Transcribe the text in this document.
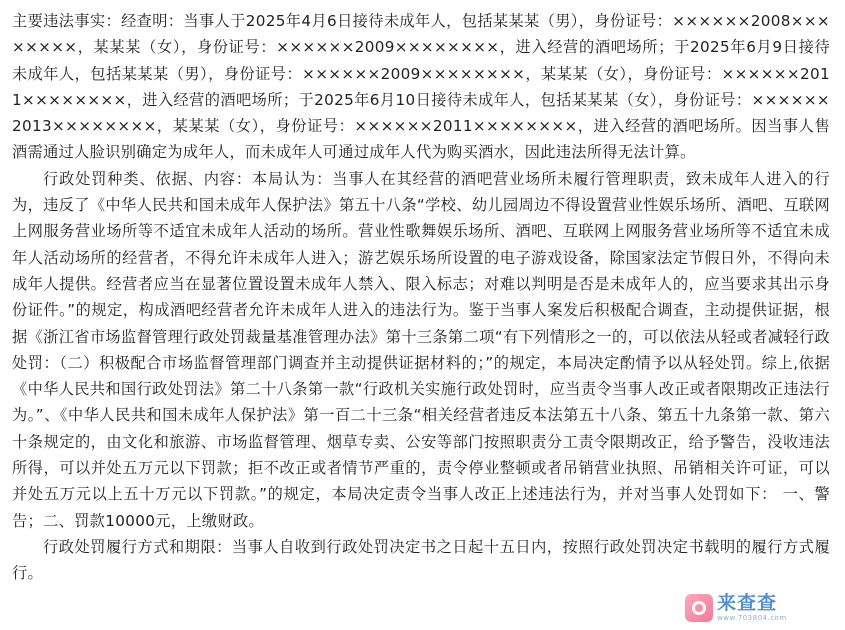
主要违法事实：经查明：当事人于2025年4月6日接待未成年人，包括某某某（男），身份证号：××××××2008××××××××，某某某（女），身份证号：××××××2009××××××××，进入经营的酒吧场所；于2025年6月9日接待未成年人，包括某某某（男），身份证号：××××××2009××××××××，某某某（女），身份证号：××××××2011××××××××，进入经营的酒吧场所；于2025年6月10日接待未成年人，包括某某某（女），身份证号：××××××2013××××××××，某某某（女），身份证号：××××××2011××××××××，进入经营的酒吧场所。因当事人售酒需通过人脸识别确定为成年人，而未成年人可通过成年人代为购买酒水，因此违法所得无法计算。

行政处罚种类、依据、内容：本局认为：当事人在其经营的酒吧营业场所未履行管理职责，致未成年人进入的行为，违反了《中华人民共和国未成年人保护法》第五十八条“学校、幼儿园周边不得设置营业性娱乐场所、酒吧、互联网上网服务营业场所等不适宜未成年人活动的场所。营业性歌舞娱乐场所、酒吧、互联网上网服务营业场所等不适宜未成年人活动场所的经营者，不得允许未成年人进入；游艺娱乐场所设置的电子游戏设备，除国家法定节假日外，不得向未成年人提供。经营者应当在显著位置设置未成年人禁入、限入标志；对难以判明是否是未成年人的，应当要求其出示身份证件。”的规定，构成酒吧经营者允许未成年人进入的违法行为。鉴于当事人案发后积极配合调查，主动提供证据，根据《浙江省市场监督管理行政处罚裁量基准管理办法》第十三条第二项“有下列情形之一的，可以依法从轻或者减轻行政处罚：（二）积极配合市场监督管理部门调查并主动提供证据材料的；”的规定，本局决定酌情予以从轻处罚。综上,依据《中华人民共和国行政处罚法》第二十八条第一款“行政机关实施行政处罚时，应当责令当事人改正或者限期改正违法行为。”、《中华人民共和国未成年人保护法》第一百二十三条“相关经营者违反本法第五十八条、第五十九条第一款、第六十条规定的，由文化和旅游、市场监督管理、烟草专卖、公安等部门按照职责分工责令限期改正，给予警告，没收违法所得，可以并处五万元以下罚款；拒不改正或者情节严重的，责令停业整顿或者吊销营业执照、吊销相关许可证，可以并处五万元以上五十万元以下罚款。”的规定，本局决定责令当事人改正上述违法行为，并对当事人处罚如下： 一、警告；二、罚款10000元，上缴财政。

行政处罚履行方式和期限：当事人自收到行政处罚决定书之日起十五日内，按照行政处罚决定书载明的履行方式履行。

来查查
www.703804.com
